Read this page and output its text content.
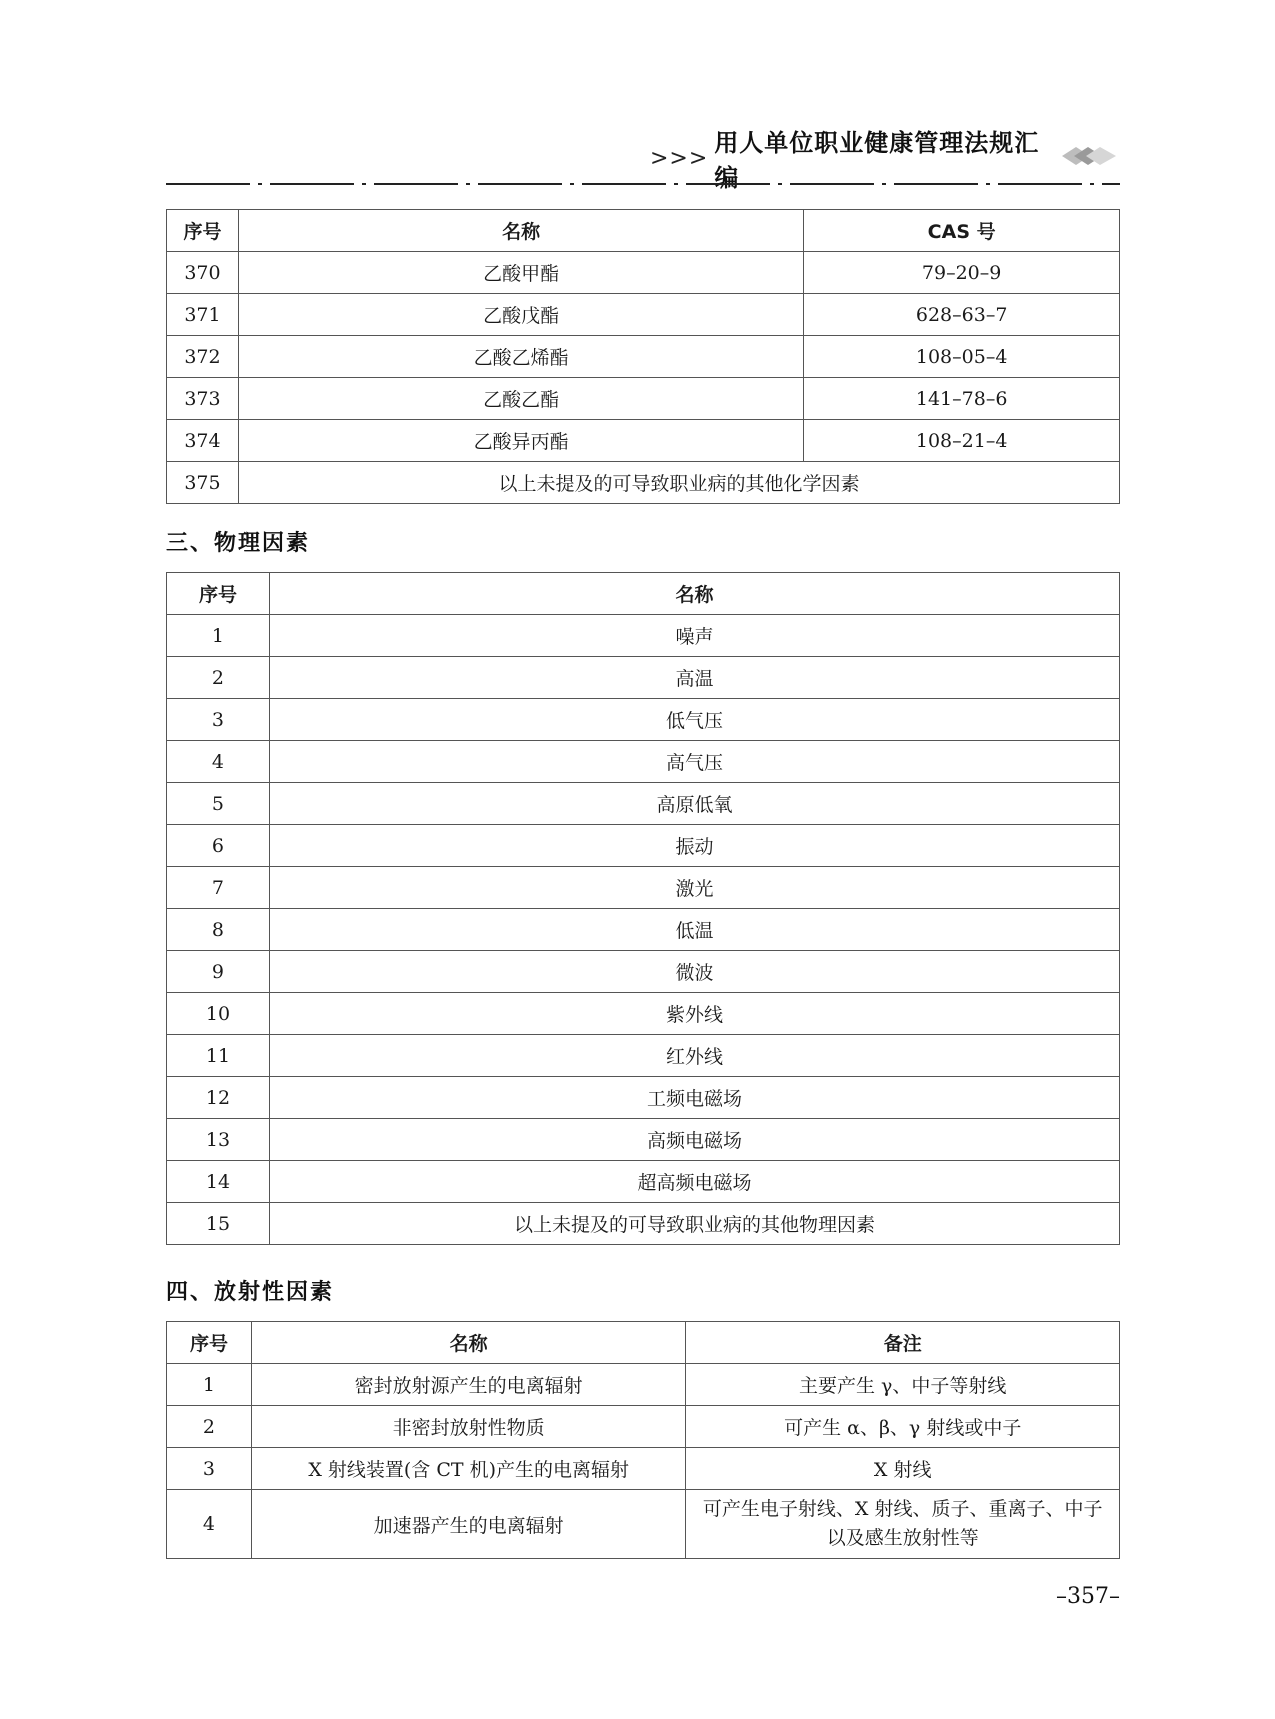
>>>
用人单位职业健康管理法规汇编
序号	名称	CAS 号
370	乙酸甲酯	79–20–9
371	乙酸戊酯	628–63–7
372	乙酸乙烯酯	108–05–4
373	乙酸乙酯	141–78–6
374	乙酸异丙酯	108–21–4
375	以上未提及的可导致职业病的其他化学因素	
三、物理因素
序号	名称
1	噪声
2	高温
3	低气压
4	高气压
5	高原低氧
6	振动
7	激光
8	低温
9	微波
10	紫外线
11	红外线
12	工频电磁场
13	高频电磁场
14	超高频电磁场
15	以上未提及的可导致职业病的其他物理因素
四、放射性因素
序号	名称	备注
1	密封放射源产生的电离辐射	主要产生 γ、中子等射线
2	非密封放射性物质	可产生 α、β、γ 射线或中子
3	X 射线装置(含 CT 机)产生的电离辐射	X 射线
4	加速器产生的电离辐射	可产生电子射线、X 射线、质子、重离子、中子
以及感生放射性等
–357–
